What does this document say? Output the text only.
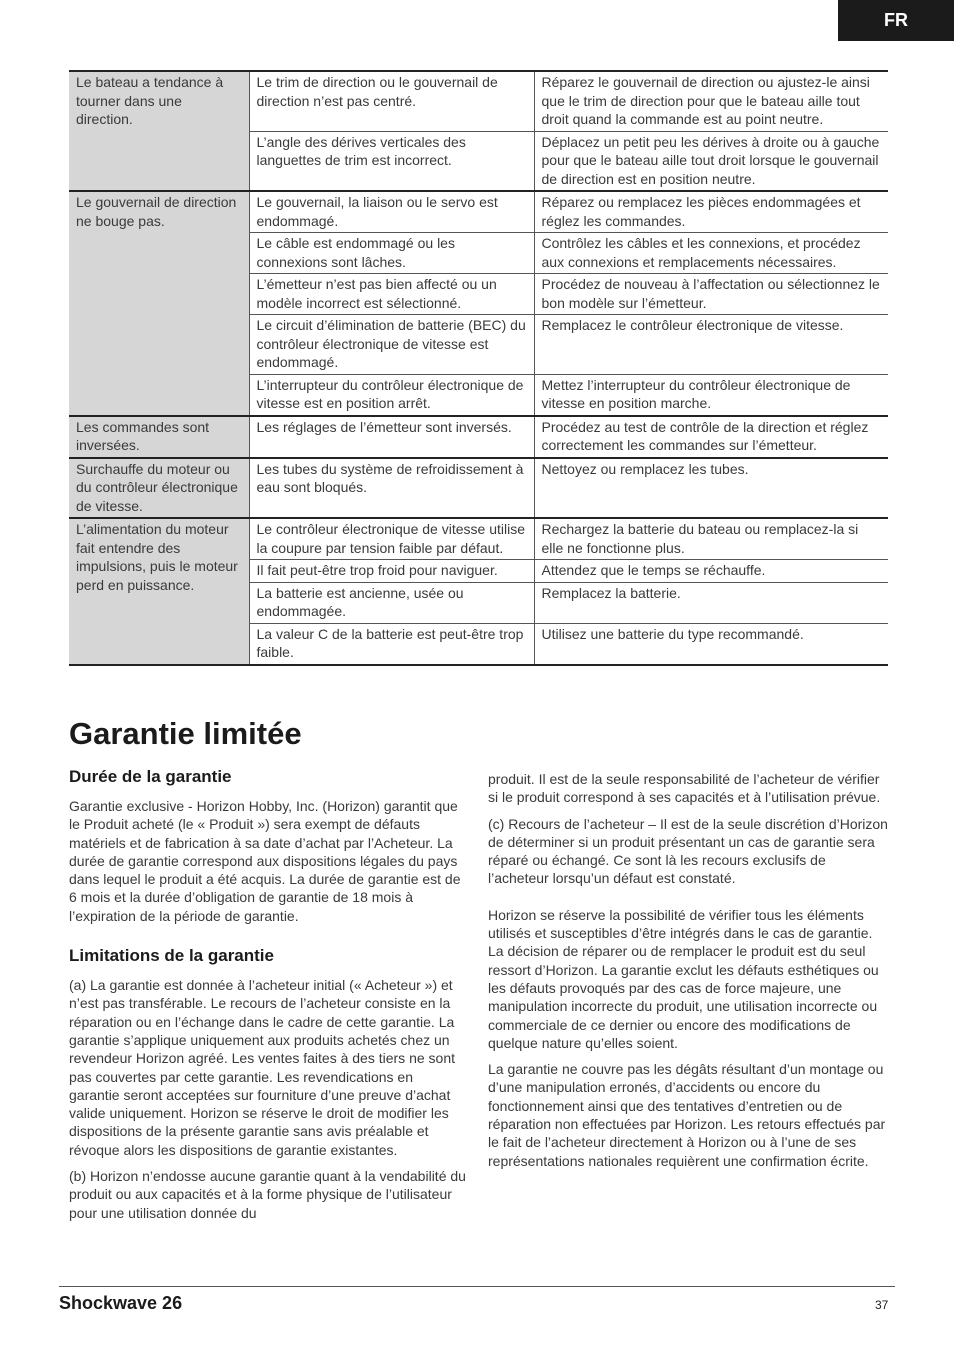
FR
Le bateau a tendance à tourner dans une direction.	Le trim de direction ou le gouvernail de direction n’est pas centré.	Réparez le gouvernail de direction ou ajustez-le ainsi que le trim de direction pour que le bateau aille tout droit quand la commande est au point neutre.
	L’angle des dérives verticales des languettes de trim est incorrect.	Déplacez un petit peu les dérives à droite ou à gauche pour que le bateau aille tout droit lorsque le gouvernail de direction est en position neutre.
Le gouvernail de direction ne bouge pas.	Le gouvernail, la liaison ou le servo est endommagé.	Réparez ou remplacez les pièces endommagées et réglez les commandes.
	Le câble est endommagé ou les connexions sont lâches.	Contrôlez les câbles et les connexions, et procédez aux connexions et remplacements nécessaires.
	L’émetteur n’est pas bien affecté ou un modèle incorrect est sélectionné.	Procédez de nouveau à l’affectation ou sélectionnez le bon modèle sur l’émetteur.
	Le circuit d’élimination de batterie (BEC) du contrôleur électronique de vitesse est endommagé.	Remplacez le contrôleur électronique de vitesse.
	L’interrupteur du contrôleur électronique de vitesse est en position arrêt.	Mettez l’interrupteur du contrôleur électronique de vitesse en position marche.
Les commandes sont inversées.	Les réglages de l’émetteur sont inversés.	Procédez au test de contrôle de la direction et réglez correctement les commandes sur l’émetteur.
Surchauffe du moteur ou du contrôleur électronique de vitesse.	Les tubes du système de refroidissement à eau sont bloqués.	Nettoyez ou remplacez les tubes.
L’alimentation du moteur fait entendre des impulsions, puis le moteur perd en puissance.	Le contrôleur électronique de vitesse utilise la coupure par tension faible par défaut.	Rechargez la batterie du bateau ou remplacez-la si elle ne fonctionne plus.
	Il fait peut-être trop froid pour naviguer.	Attendez que le temps se réchauffe.
	La batterie est ancienne, usée ou endommagée.	Remplacez la batterie.
	La valeur C de la batterie est peut-être trop faible.	Utilisez une batterie du type recommandé.
Garantie limitée
Durée de la garantie

Garantie exclusive - Horizon Hobby, Inc. (Horizon) garantit que le Produit acheté (le « Produit ») sera exempt de défauts matériels et de fabrication à sa date d’achat par l’Acheteur. La durée de garantie correspond aux dispositions légales du pays dans lequel le produit a été acquis. La durée de garantie est de 6 mois et la durée d’obligation de garantie de 18 mois à l’expiration de la période de garantie.

Limitations de la garantie

(a) La garantie est donnée à l’acheteur initial (« Acheteur ») et n’est pas transférable. Le recours de l’acheteur consiste en la réparation ou en l’échange dans le cadre de cette garantie. La garantie s’applique uniquement aux produits achetés chez un revendeur Horizon agréé. Les ventes faites à des tiers ne sont pas couvertes par cette garantie. Les revendications en garantie seront acceptées sur fourniture d’une preuve d’achat valide uniquement. Horizon se réserve le droit de modifier les dispositions de la présente garantie sans avis préalable et révoque alors les dispositions de garantie existantes.

(b) Horizon n’endosse aucune garantie quant à la vendabilité du produit ou aux capacités et à la forme physique de l’utilisateur pour une utilisation donnée du

produit. Il est de la seule responsabilité de l’acheteur de vérifier si le produit correspond à ses capacités et à l’utilisation prévue.

(c) Recours de l’acheteur – Il est de la seule discrétion d’Horizon de déterminer si un produit présentant un cas de garantie sera réparé ou échangé. Ce sont là les recours exclusifs de l’acheteur lorsqu’un défaut est constaté.

Horizon se réserve la possibilité de vérifier tous les éléments utilisés et susceptibles d’être intégrés dans le cas de garantie. La décision de réparer ou de remplacer le produit est du seul ressort d’Horizon. La garantie exclut les défauts esthétiques ou les défauts provoqués par des cas de force majeure, une manipulation incorrecte du produit, une utilisation incorrecte ou commerciale de ce dernier ou encore des modifications de quelque nature qu’elles soient.

La garantie ne couvre pas les dégâts résultant d’un montage ou d’une manipulation erronés, d’accidents ou encore du fonctionnement ainsi que des tentatives d’entretien ou de réparation non effectuées par Horizon. Les retours effectués par le fait de l’acheteur directement à Horizon ou à l’une de ses représentations nationales requièrent une confirmation écrite.

Shockwave 26	37
